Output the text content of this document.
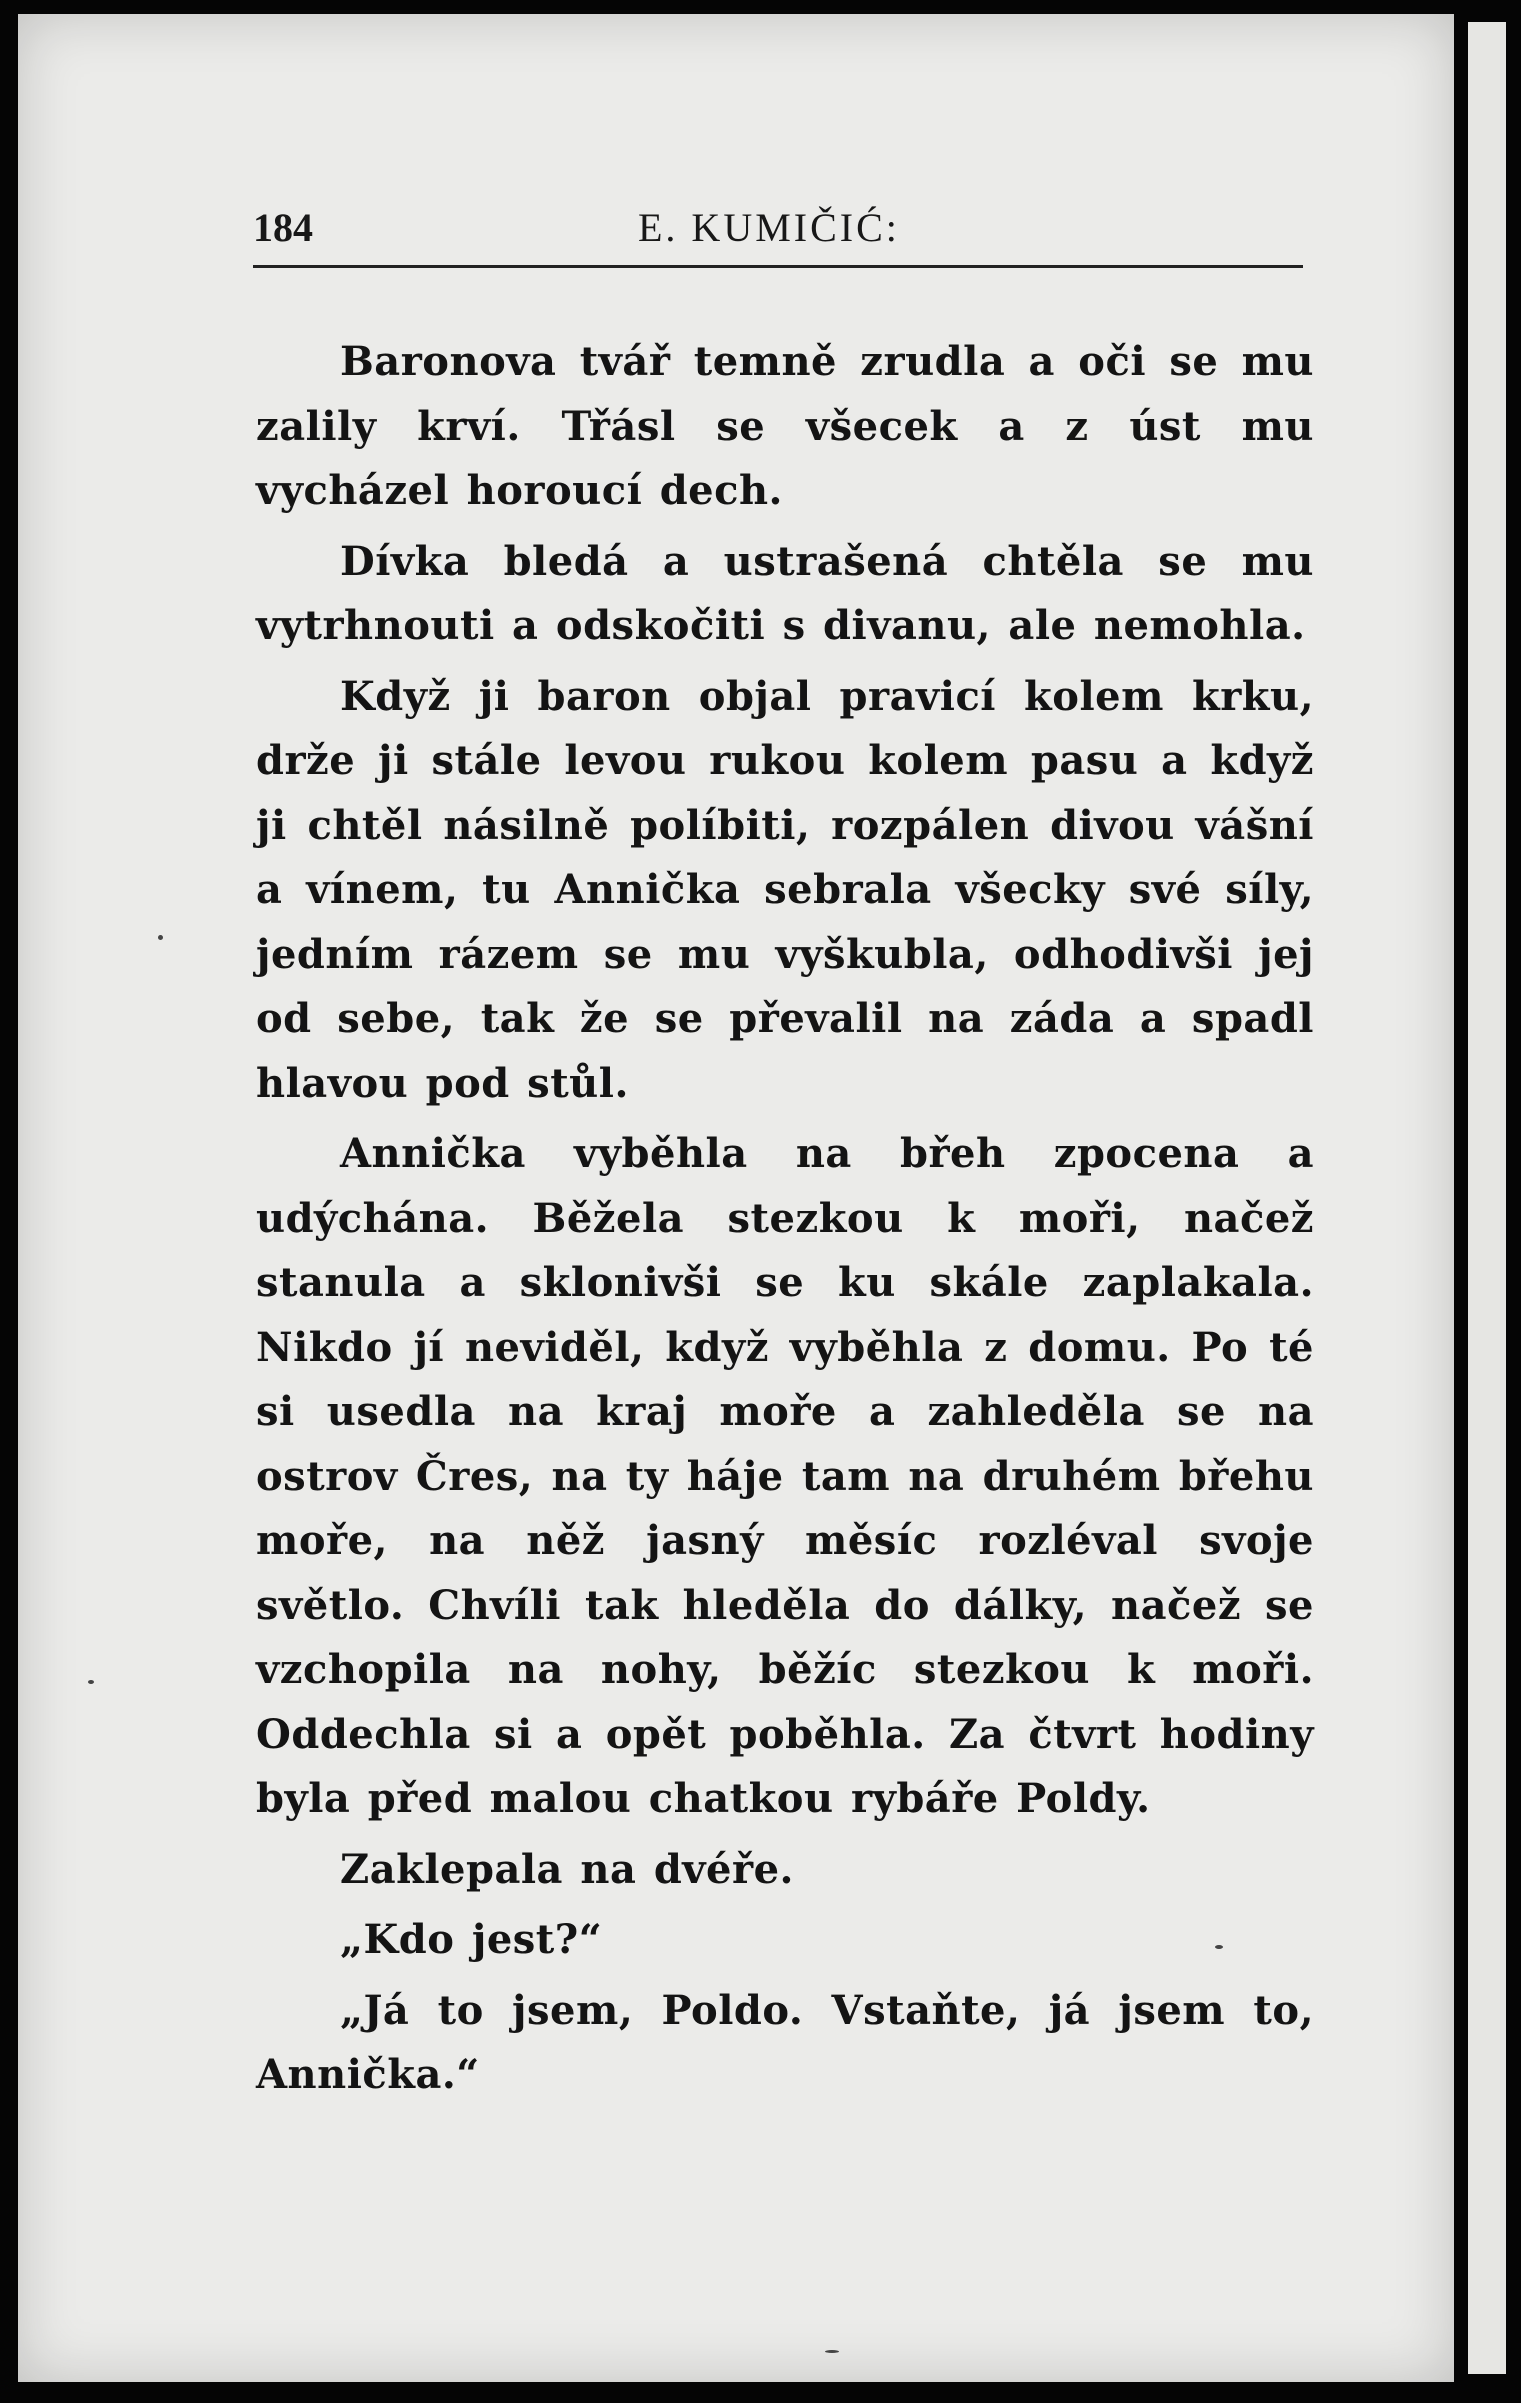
184	E. KUMIČIĆ:

Baronova tvář temně zrudla a oči se mu zalily krví. Třásl se všecek a z úst mu vycházel horoucí dech.

Dívka bledá a ustrašená chtěla se mu vytrhnouti a odskočiti s divanu, ale nemohla.

Když ji baron objal pravicí kolem krku, drže ji stále levou rukou kolem pasu a když ji chtěl násilně políbiti, rozpálen divou vášní a vínem, tu Annička sebrala všecky své síly, jedním rázem se mu vyškubla, odhodivši jej od sebe, tak že se převalil na záda a spadl hlavou pod stůl.

Annička vyběhla na břeh zpocena a udýchána. Běžela stezkou k moři, načež stanula a sklonivši se ku skále zaplakala. Nikdo jí neviděl, když vyběhla z domu. Po té si usedla na kraj moře a zahleděla se na ostrov Čres, na ty háje tam na druhém břehu moře, na něž jasný měsíc rozléval svoje světlo. Chvíli tak hleděla do dálky, načež se vzchopila na nohy, běžíc stezkou k moři. Oddechla si a opět poběhla. Za čtvrt hodiny byla před malou chatkou rybáře Poldy.

Zaklepala na dvéře.

„Kdo jest?“

„Já to jsem, Poldo. Vstaňte, já jsem to, Annička.“
